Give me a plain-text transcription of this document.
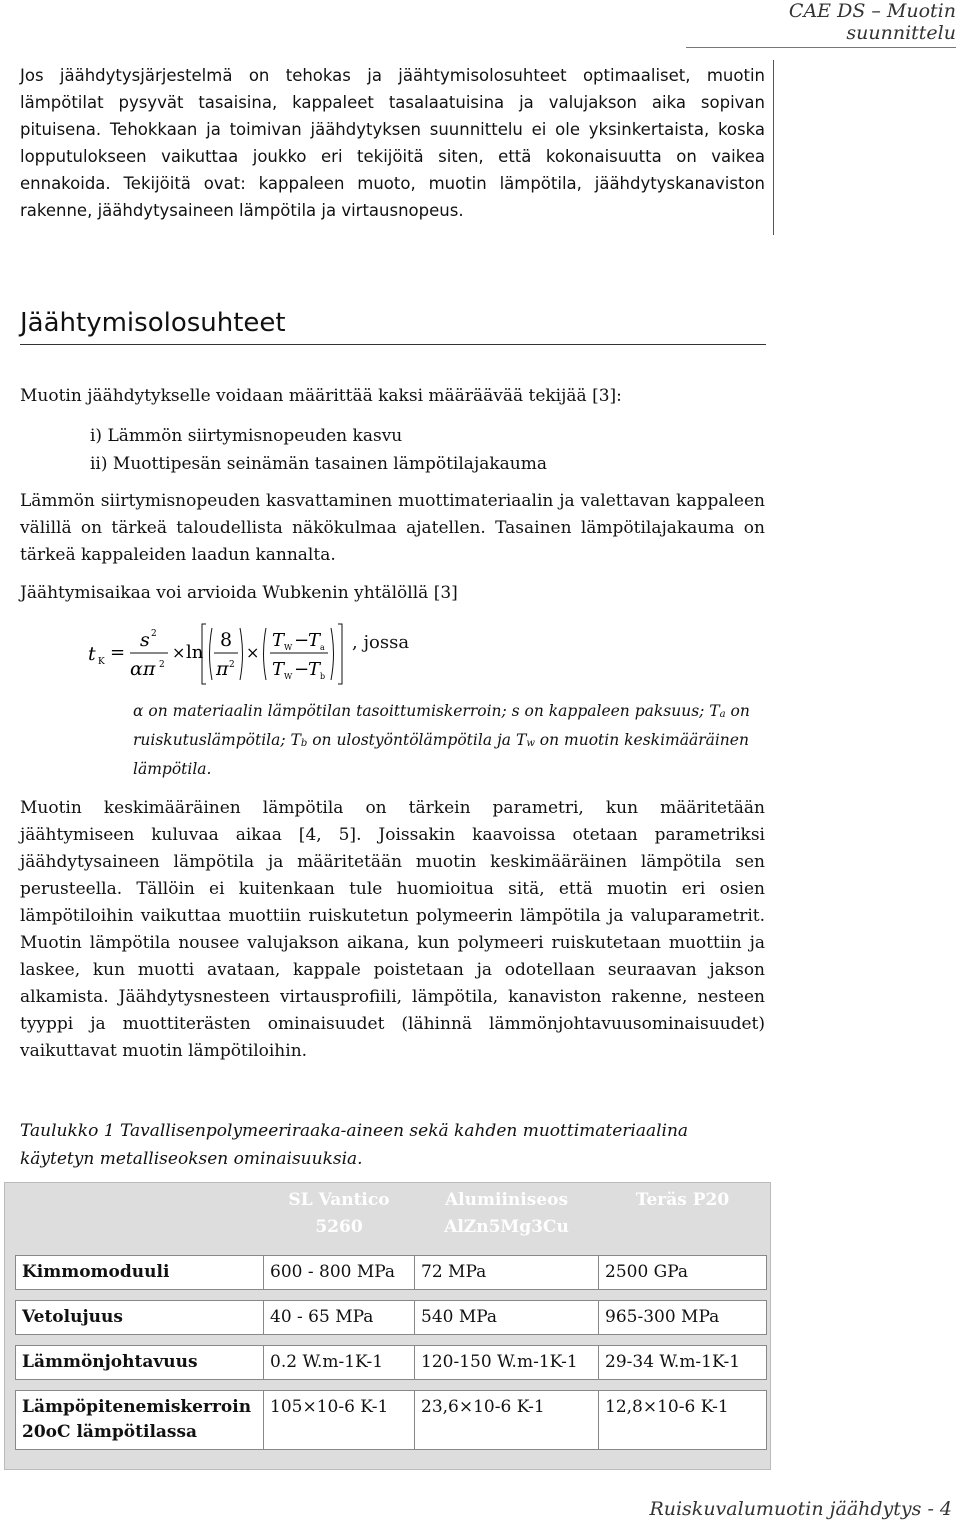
CAE DS – Muotin suunnittelu

Jos jäähdytysjärjestelmä on tehokas ja jäähtymisolosuhteet optimaaliset, muotin lämpötilat pysyvät tasaisina, kappaleet tasalaatuisina ja valujakson aika sopivan pituisena. Tehokkaan ja toimivan jäähdytyksen suunnittelu ei ole yksinkertaista, koska lopputulokseen vaikuttaa joukko eri tekijöitä siten, että kokonaisuutta on vaikea ennakoida. Tekijöitä ovat: kappaleen muoto, muotin lämpötila, jäähdytyskanaviston rakenne, jäähdytysaineen lämpötila ja virtausnopeus.

Jäähtymisolosuhteet

Muotin jäähdytykselle voidaan määrittää kaksi määräävää tekijää [3]:

i) Lämmön siirtymisnopeuden kasvu
ii) Muottipesän seinämän tasainen lämpötilajakauma

Lämmön siirtymisnopeuden kasvattaminen muottimateriaalin ja valettavan kappaleen välillä on tärkeä taloudellista näkökulmaa ajatellen. Tasainen lämpötilajakauma on tärkeä kappaleiden laadun kannalta.

Jäähtymisaikaa voi arvioida Wubkenin yhtälöllä [3]

t K =
s 2
απ 2
× ln
8
π 2
×
T W −
T a
T W −
T b
, jossa

α on materiaalin lämpötilan tasoittumiskerroin; s on kappaleen paksuus; $T_a$ on ruiskutuslämpötila; $T_b$ on ulostyöntölämpötila ja $T_w$ on muotin keskimääräinen lämpötila.

Muotin keskimääräinen lämpötila on tärkein parametri, kun määritetään jäähtymiseen kuluvaa aikaa [4, 5]. Joissakin kaavoissa otetaan parametriksi jäähdytysaineen lämpötila ja määritetään muotin keskimääräinen lämpötila sen perusteella. Tällöin ei kuitenkaan tule huomioitua sitä, että muotin eri osien lämpötiloihin vaikuttaa muottiin ruiskutetun polymeerin lämpötila ja valuparametrit. Muotin lämpötila nousee valujakson aikana, kun polymeeri ruiskutetaan muottiin ja laskee, kun muotti avataan, kappale poistetaan ja odotellaan seuraavan jakson alkamista. Jäähdytysnesteen virtausprofiili, lämpötila, kanaviston rakenne, nesteen tyyppi ja muottiterästen ominaisuudet (lähinnä lämmönjohtavuusominaisuudet) vaikuttavat muotin lämpötiloihin.

Taulukko 1 Tavallisenpolymeeriraaka-aineen sekä kahden muottimateriaalina käytetyn metalliseoksen ominaisuuksia.

	SL Vantico 5260	Alumiiniseos AlZn5Mg3Cu	Teräs P20

Kimmomoduuli	600 - 800 MPa	72 MPa	2500 GPa

Vetolujuus	40 - 65 MPa	540 MPa	965-300 MPa

Lämmönjohtavuus	0.2 W.m-1K-1	120-150 W.m-1K-1	29-34 W.m-1K-1

Lämpöpitenemiskerroin
20oC lämpötilassa	105×10-6 K-1	23,6×10-6 K-1	12,8×10-6 K-1
Ruiskuvalumuotin jäähdytys - 4
